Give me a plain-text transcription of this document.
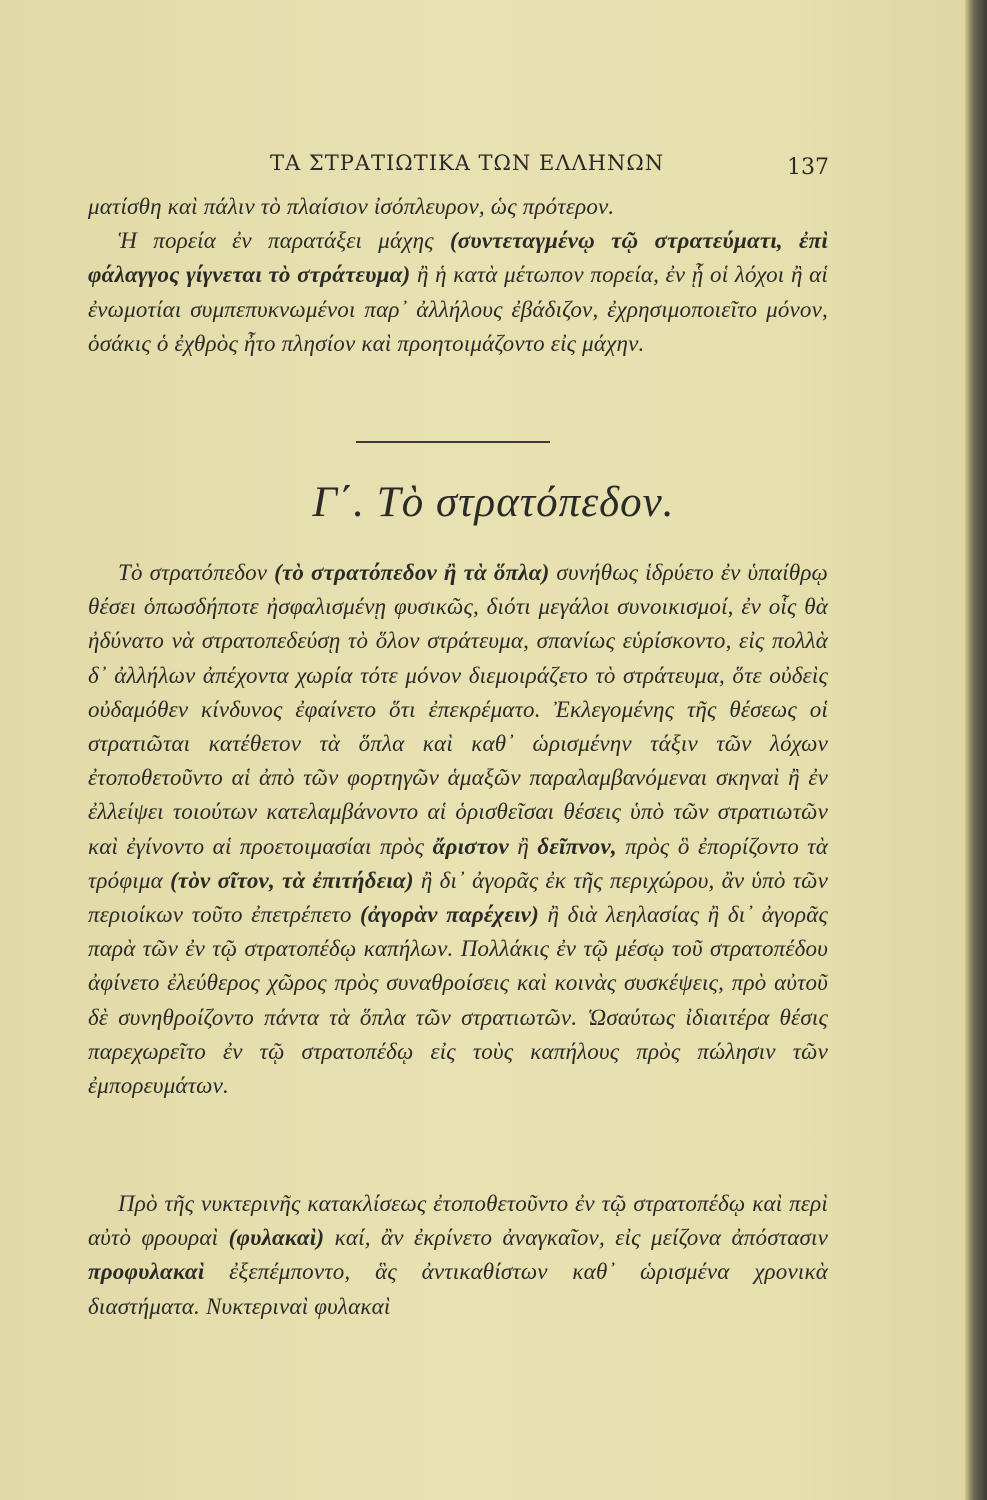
ΤΑ ΣΤΡΑΤΙΩΤΙΚΑ ΤΩΝ ΕΛΛΗΝΩΝ	137

ματίσθη καὶ πάλιν τὸ πλαίσιον ἰσόπλευρον, ὡς πρότερον.
Ἡ πορεία ἐν παρατάξει μάχης (συντεταγμένῳ τῷ στρατεύματι, ἐπὶ φάλαγγος γίγνεται τὸ στράτευμα) ἢ ἡ κατὰ μέτωπον πορεία, ἐν ᾗ οἱ λόχοι ἢ αἱ ἐνωμοτίαι συμπεπυκνωμένοι παρ᾽ ἀλλήλους ἐβάδιζον, ἐχρησιμοποιεῖτο μόνον, ὁσάκις ὁ ἐχθρὸς ἦτο πλησίον καὶ προητοιμάζοντο εἰς μάχην.

Γ΄. Τὸ στρατόπεδον.

Τὸ στρατόπεδον (τὸ στρατόπεδον ἢ τὰ ὅπλα) συνήθως ἱδρύετο ἐν ὑπαίθρῳ θέσει ὁπωσδήποτε ἠσφαλισμένῃ φυσικῶς, διότι μεγάλοι συνοικισμοί, ἐν οἷς θὰ ἠδύνατο νὰ στρατοπεδεύσῃ τὸ ὅλον στράτευμα, σπανίως εὑρίσκοντο, εἰς πολλὰ δ᾽ ἀλλήλων ἀπέχοντα χωρία τότε μόνον διεμοιράζετο τὸ στράτευμα, ὅτε οὐδεὶς οὐδαμόθεν κίνδυνος ἐφαίνετο ὅτι ἐπεκρέματο. Ἐκλεγομένης τῆς θέσεως οἱ στρατιῶται κατέθετον τὰ ὅπλα καὶ καθ᾽ ὡρισμένην τάξιν τῶν λόχων ἐτοποθετοῦντο αἱ ἀπὸ τῶν φορτηγῶν ἁμαξῶν παραλαμβανόμεναι σκηναὶ ἢ ἐν ἐλλείψει τοιούτων κατελαμβάνοντο αἱ ὁρισθεῖσαι θέσεις ὑπὸ τῶν στρατιωτῶν καὶ ἐγίνοντο αἱ προετοιμασίαι πρὸς ἄριστον ἢ δεῖπνον, πρὸς ὃ ἐπορίζοντο τὰ τρόφιμα (τὸν σῖτον, τὰ ἐπιτήδεια) ἢ δι᾽ ἀγορᾶς ἐκ τῆς περιχώρου, ἂν ὑπὸ τῶν περιοίκων τοῦτο ἐπετρέπετο (ἀγορὰν παρέχειν) ἢ διὰ λεηλασίας ἢ δι᾽ ἀγορᾶς παρὰ τῶν ἐν τῷ στρατοπέδῳ καπήλων. Πολλάκις ἐν τῷ μέσῳ τοῦ στρατοπέδου ἀφίνετο ἐλεύθερος χῶρος πρὸς συναθροίσεις καὶ κοινὰς συσκέψεις, πρὸ αὐτοῦ δὲ συνηθροίζοντο πάντα τὰ ὅπλα τῶν στρατιωτῶν. Ὡσαύτως ἰδιαιτέρα θέσις παρεχωρεῖτο ἐν τῷ στρατοπέδῳ εἰς τοὺς καπήλους πρὸς πώλησιν τῶν ἐμπορευμάτων.

Πρὸ τῆς νυκτερινῆς κατακλίσεως ἐτοποθετοῦντο ἐν τῷ στρατοπέδῳ καὶ περὶ αὐτὸ φρουραὶ (φυλακαὶ) καί, ἂν ἐκρίνετο ἀναγκαῖον, εἰς μείζονα ἀπόστασιν προφυλακαὶ ἐξεπέμποντο, ἃς ἀντικαθίστων καθ᾽ ὡρισμένα χρονικὰ διαστήματα. Νυκτεριναὶ φυλακαὶ
